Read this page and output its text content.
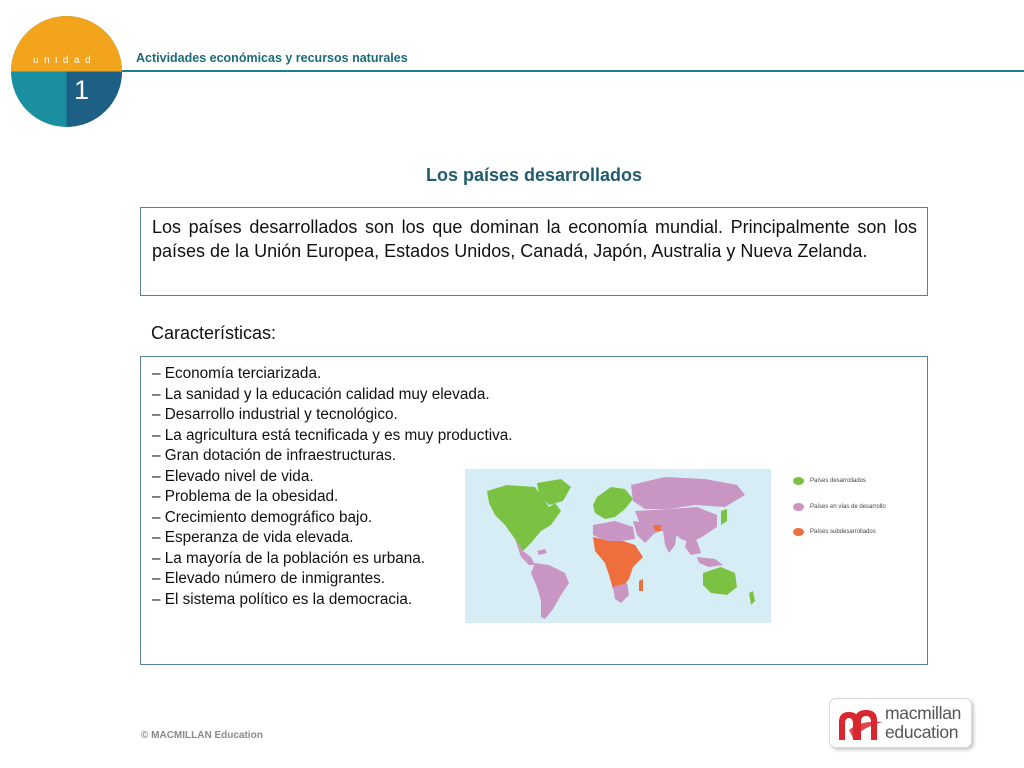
unidad
1
Actividades económicas y recursos naturales
Los países desarrollados
Los países desarrollados son los que dominan la economía mundial. Principalmente son los países de la Unión Europea, Estados Unidos, Canadá, Japón, Australia y Nueva Zelanda.
Características:
– Economía terciarizada.
– La sanidad y la educación calidad muy elevada.
– Desarrollo industrial y tecnológico.
– La agricultura está tecnificada y es muy productiva.
– Gran dotación de infraestructuras.
– Elevado nivel de vida.
– Problema de la obesidad.
– Crecimiento demográfico bajo.
– Esperanza de vida elevada.
– La mayoría de la población es urbana.
– Elevado número de inmigrantes.
– El sistema político es la democracia.
Países desarrollados
Países en vías de desarrollo
Países subdesarrollados
© MACMILLAN Education
macmillan
education
